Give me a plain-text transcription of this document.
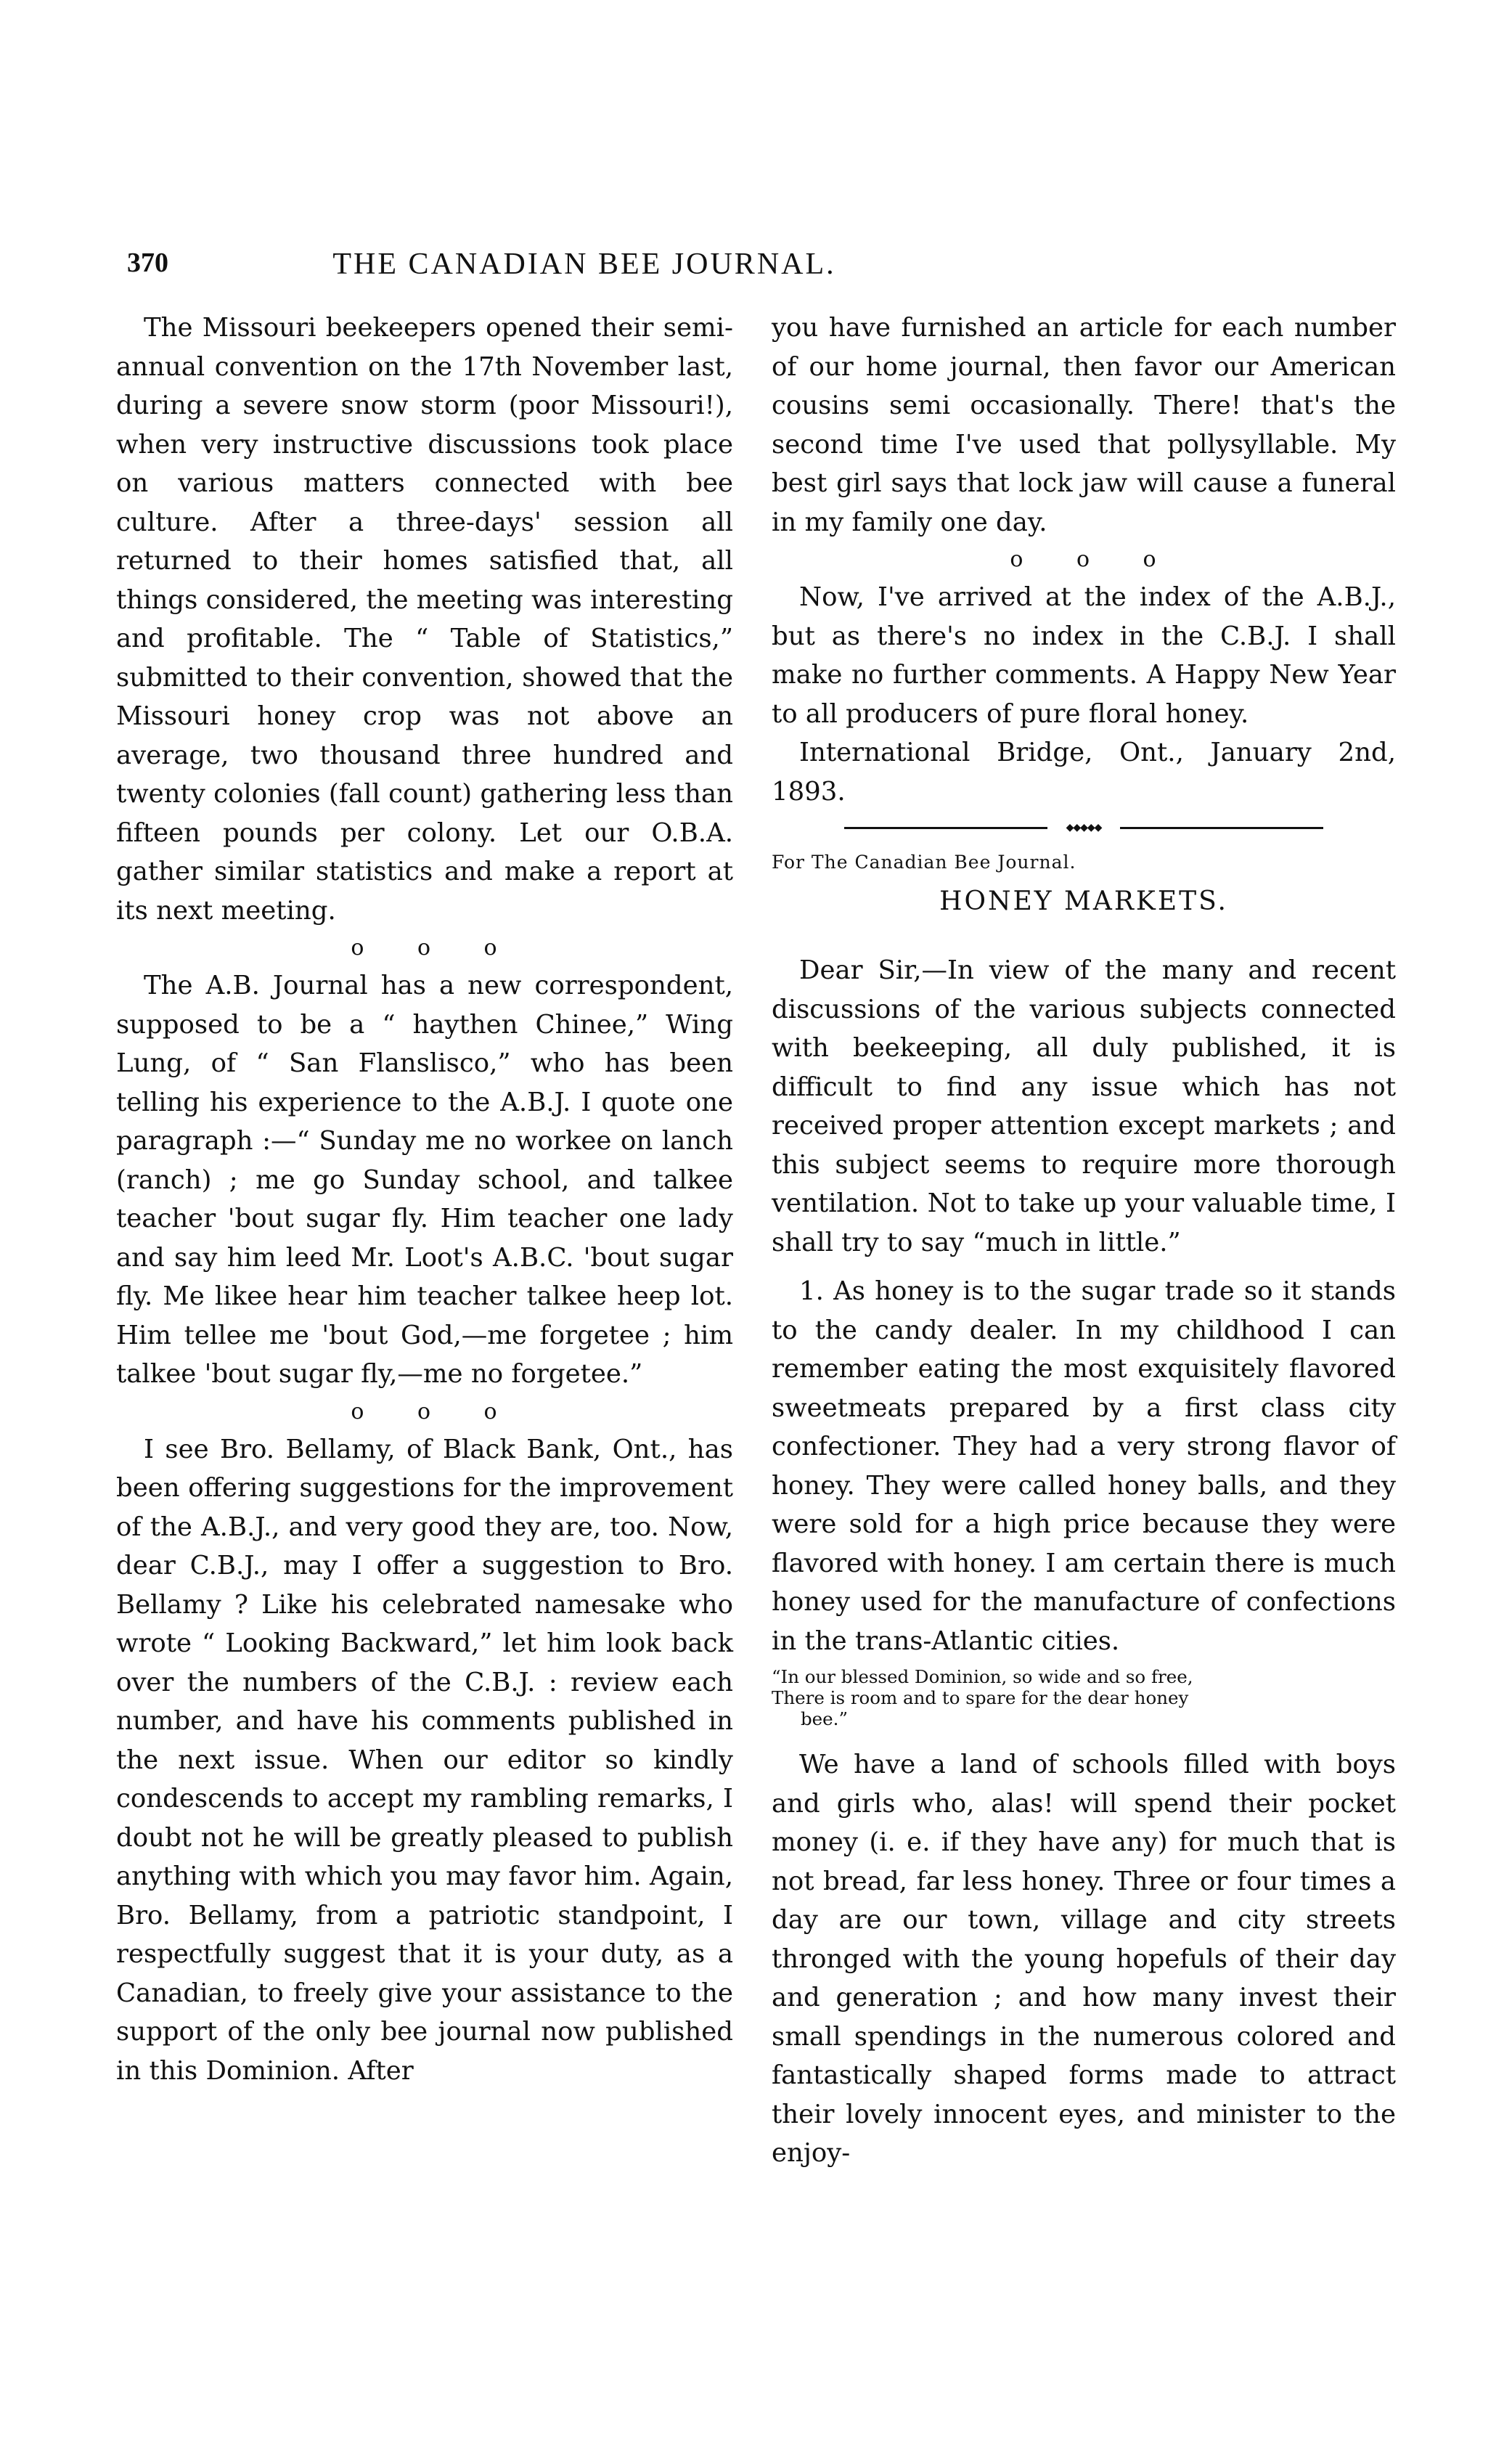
370	THE CANADIAN BEE JOURNAL.

The Missouri beekeepers opened their semi-annual convention on the 17th November last, during a severe snow storm (poor Missouri!), when very instructive discussions took place on various matters connected with bee culture. After a three-days' session all returned to their homes satisfied that, all things considered, the meeting was interesting and profitable. The “ Table of Statistics,” submitted to their convention, showed that the Missouri honey crop was not above an average, two thousand three hundred and twenty colonies (fall count) gathering less than fifteen pounds per colony. Let our O.B.A. gather similar statistics and make a report at its next meeting.

o o o

The A.B. Journal has a new correspondent, supposed to be a “ haythen Chinee,” Wing Lung, of “ San Flanslisco,” who has been telling his experience to the A.B.J. I quote one paragraph :—“ Sunday me no workee on lanch (ranch) ; me go Sunday school, and talkee teacher 'bout sugar fly. Him teacher one lady and say him leed Mr. Loot's A.B.C. 'bout sugar fly. Me likee hear him teacher talkee heep lot. Him tellee me 'bout God,—me forgetee ; him talkee 'bout sugar fly,—me no forgetee.”

o o o

I see Bro. Bellamy, of Black Bank, Ont., has been offering suggestions for the improvement of the A.B.J., and very good they are, too. Now, dear C.B.J., may I offer a suggestion to Bro. Bellamy ? Like his celebrated namesake who wrote “ Looking Backward,” let him look back over the numbers of the C.B.J. : review each number, and have his comments published in the next issue. When our editor so kindly condescends to accept my rambling remarks, I doubt not he will be greatly pleased to publish anything with which you may favor him. Again, Bro. Bellamy, from a patriotic standpoint, I respectfully suggest that it is your duty, as a Canadian, to freely give your assistance to the support of the only bee journal now published in this Dominion. After

you have furnished an article for each number of our home journal, then favor our American cousins semi occasionally. There! that's the second time I've used that pollysyllable. My best girl says that lock jaw will cause a funeral in my family one day.

o o o

Now, I've arrived at the index of the A.B.J., but as there's no index in the C.B.J. I shall make no further comments. A Happy New Year to all producers of pure floral honey.

International Bridge, Ont., January 2nd, 1893.

◆◆◆◆◆
For The Canadian Bee Journal.
HONEY MARKETS.

Dear Sir,—In view of the many and recent discussions of the various subjects connected with beekeeping, all duly published, it is difficult to find any issue which has not received proper attention except markets ; and this subject seems to require more thorough ventilation. Not to take up your valuable time, I shall try to say “much in little.”

1. As honey is to the sugar trade so it stands to the candy dealer. In my childhood I can remember eating the most exquisitely flavored sweetmeats prepared by a first class city confectioner. They had a very strong flavor of honey. They were called honey balls, and they were sold for a high price because they were flavored with honey. I am certain there is much honey used for the manufacture of confections in the trans-Atlantic cities.

“In our blessed Dominion, so wide and so free,
There is room and to spare for the dear honey
bee.”

We have a land of schools filled with boys and girls who, alas! will spend their pocket money (i. e. if they have any) for much that is not bread, far less honey. Three or four times a day are our town, village and city streets thronged with the young hopefuls of their day and generation ; and how many invest their small spendings in the numerous colored and fantastically shaped forms made to attract their lovely innocent eyes, and minister to the enjoy-
